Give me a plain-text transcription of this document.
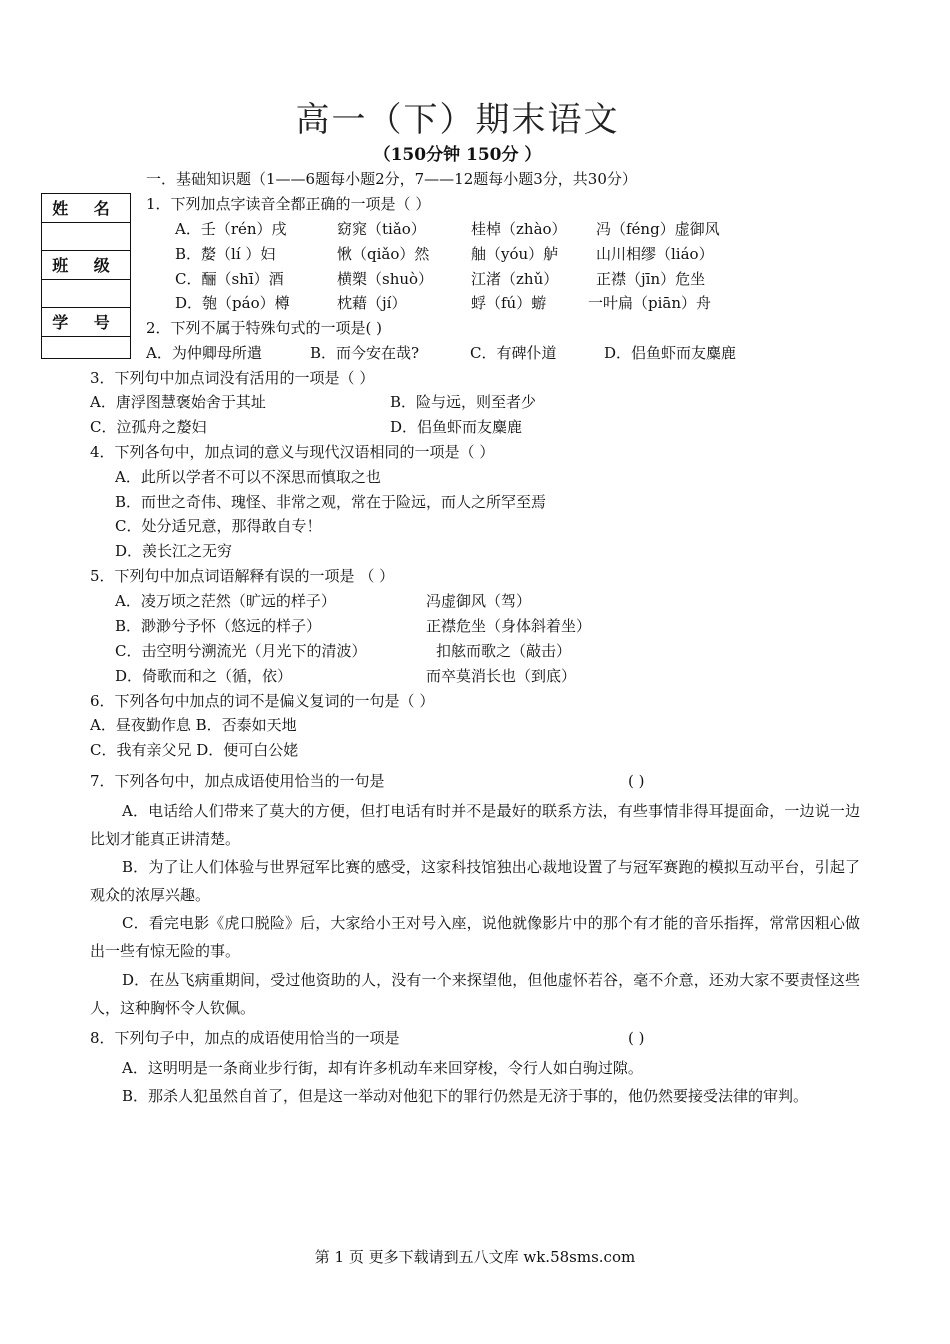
高一（下）期末语文
（150分钟 150分 ）
姓 名
班 级
学 号
一．基础知识题（1——6题每小题2分，7——12题每小题3分，共30分）
1．下列加点字读音全都正确的一项是（ ）
A．壬（rén）戌	窈窕（tiǎo）	桂棹（zhào） 冯（féng）虚御风
B．嫠（lí ）妇	愀（qiǎo）然	舳（yóu）舻	山川相缪（liáo）
C．酾（shī）酒	横槊（shuò）	江渚（zhǔ）	正襟（jīn）危坐
D．匏（páo）樽	枕藉（jí）	蜉（fú）蝣	一叶扁（piān）舟
2．下列不属于特殊句式的一项是( )
A．为仲卿母所遣	B．而今安在哉?	C．有碑仆道	D．侣鱼虾而友麋鹿
3．下列句中加点词没有活用的一项是（ ）
A．唐浮图慧褒始舍于其址	B．险与远，则至者少
C．泣孤舟之嫠妇	D．侣鱼虾而友麋鹿
4．下列各句中，加点词的意义与现代汉语相同的一项是（ ）
A．此所以学者不可以不深思而慎取之也
B．而世之奇伟、瑰怪、非常之观，常在于险远，而人之所罕至焉
C．处分适兄意，那得敢自专！
D．羡长江之无穷
5．下列句中加点词语解释有误的一项是 （ ）
A．凌万顷之茫然（旷远的样子）	冯虚御风（驾）
B．渺渺兮予怀（悠远的样子）	正襟危坐（身体斜着坐）
C．击空明兮溯流光（月光下的清波）	扣舷而歌之（敲击）
D．倚歌而和之（循，依）	而卒莫消长也（到底）
6．下列各句中加点的词不是偏义复词的一句是（ ）
A．昼夜勤作息 B．否泰如天地
C．我有亲父兄 D．便可白公姥
7．下列各句中，加点成语使用恰当的一句是	( )
A．电话给人们带来了莫大的方便，但打电话有时并不是最好的联系方法，有些事情非得耳提面命，一边说一边比划才能真正讲清楚。
B．为了让人们体验与世界冠军比赛的感受，这家科技馆独出心裁地设置了与冠军赛跑的模拟互动平台，引起了观众的浓厚兴趣。
C．看完电影《虎口脱险》后，大家给小王对号入座，说他就像影片中的那个有才能的音乐指挥，常常因粗心做出一些有惊无险的事。
D．在丛飞病重期间，受过他资助的人，没有一个来探望他，但他虚怀若谷，毫不介意，还劝大家不要责怪这些人，这种胸怀令人钦佩。
8．下列句子中，加点的成语使用恰当的一项是	( )
A．这明明是一条商业步行街，却有许多机动车来回穿梭，令行人如白驹过隙。
B．那杀人犯虽然自首了，但是这一举动对他犯下的罪行仍然是无济于事的，他仍然要接受法律的审判。
第 1 页 更多下载请到五八文库 wk.58sms.com
